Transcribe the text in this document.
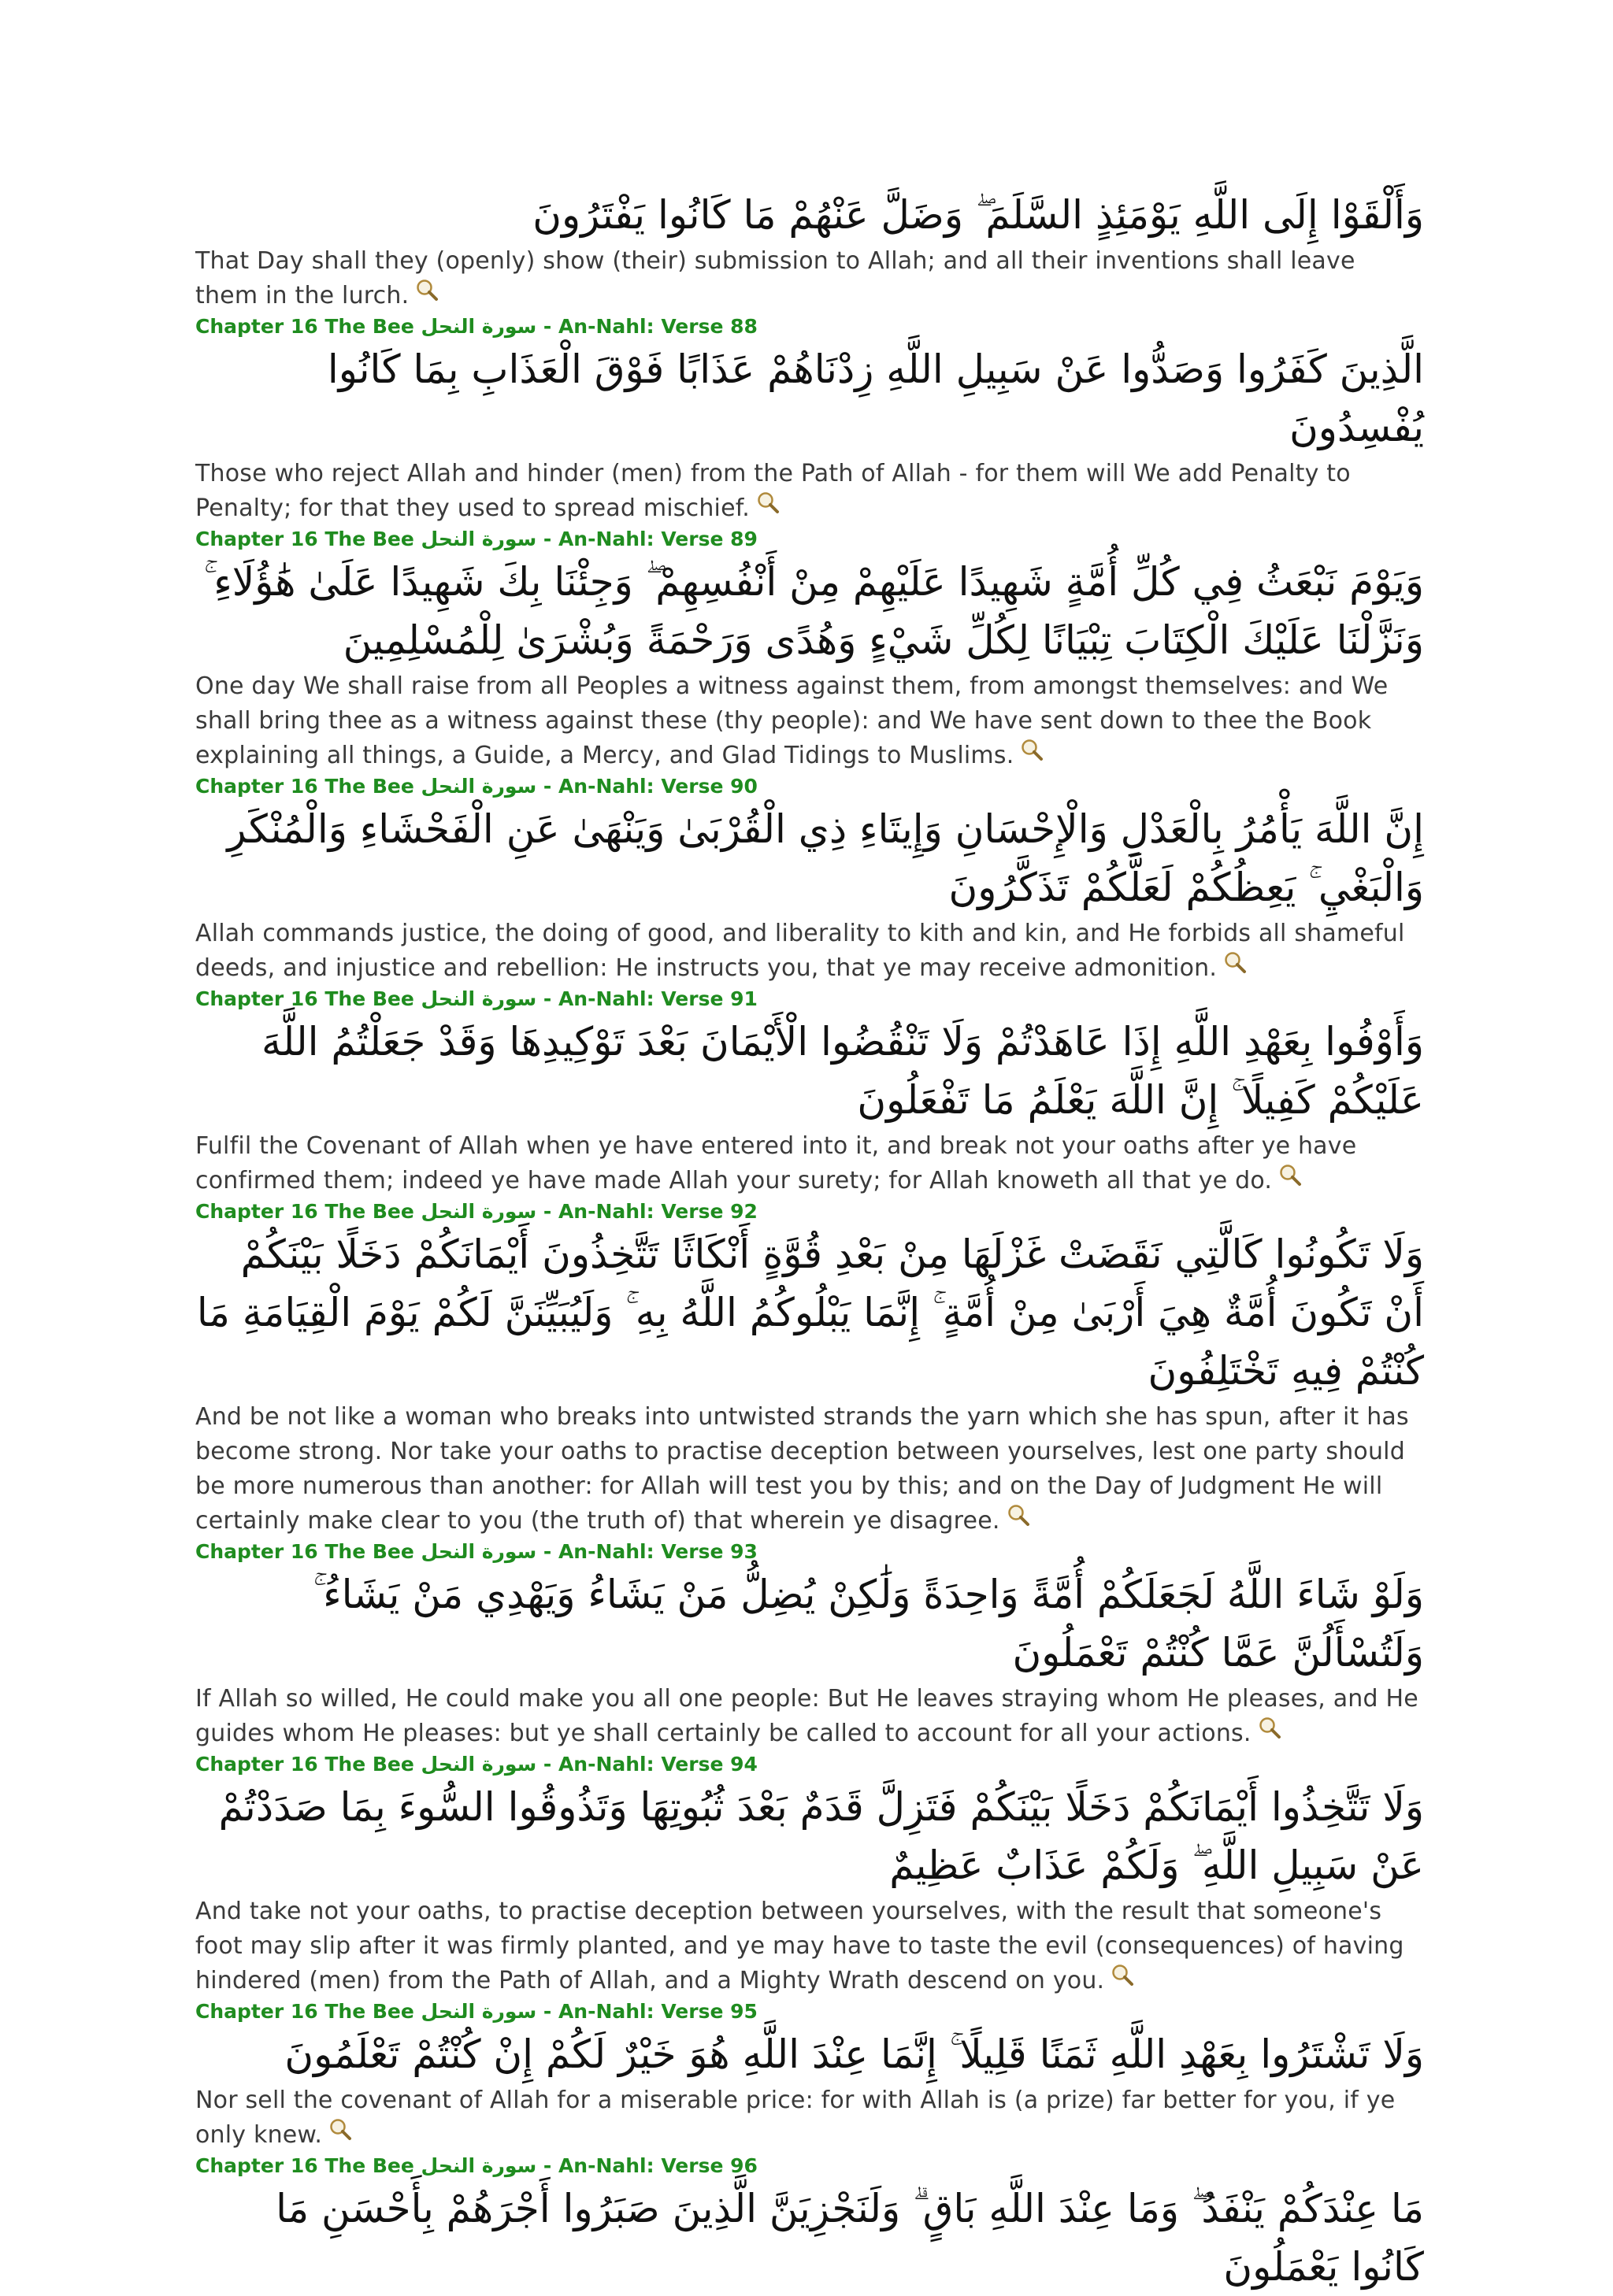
وَأَلْقَوْا إِلَى اللَّهِ يَوْمَئِذٍ السَّلَمَ ۖ وَضَلَّ عَنْهُمْ مَا كَانُوا يَفْتَرُونَ

That Day shall they (openly) show (their) submission to Allah; and all their inventions shall leave them in the lurch.

Chapter 16 The Bee سورة النحل - An-Nahl: Verse 88

الَّذِينَ كَفَرُوا وَصَدُّوا عَنْ سَبِيلِ اللَّهِ زِدْنَاهُمْ عَذَابًا فَوْقَ الْعَذَابِ بِمَا كَانُوا يُفْسِدُونَ

Those who reject Allah and hinder (men) from the Path of Allah - for them will We add Penalty to Penalty; for that they used to spread mischief.

Chapter 16 The Bee سورة النحل - An-Nahl: Verse 89

وَيَوْمَ نَبْعَثُ فِي كُلِّ أُمَّةٍ شَهِيدًا عَلَيْهِمْ مِنْ أَنْفُسِهِمْ ۖ وَجِئْنَا بِكَ شَهِيدًا عَلَىٰ هَٰؤُلَاءِ ۚ وَنَزَّلْنَا عَلَيْكَ الْكِتَابَ تِبْيَانًا لِكُلِّ شَيْءٍ وَهُدًى وَرَحْمَةً وَبُشْرَىٰ لِلْمُسْلِمِينَ

One day We shall raise from all Peoples a witness against them, from amongst themselves: and We shall bring thee as a witness against these (thy people): and We have sent down to thee the Book explaining all things, a Guide, a Mercy, and Glad Tidings to Muslims.

Chapter 16 The Bee سورة النحل - An-Nahl: Verse 90

إِنَّ اللَّهَ يَأْمُرُ بِالْعَدْلِ وَالْإِحْسَانِ وَإِيتَاءِ ذِي الْقُرْبَىٰ وَيَنْهَىٰ عَنِ الْفَحْشَاءِ وَالْمُنْكَرِ وَالْبَغْيِ ۚ يَعِظُكُمْ لَعَلَّكُمْ تَذَكَّرُونَ

Allah commands justice, the doing of good, and liberality to kith and kin, and He forbids all shameful deeds, and injustice and rebellion: He instructs you, that ye may receive admonition.

Chapter 16 The Bee سورة النحل - An-Nahl: Verse 91

وَأَوْفُوا بِعَهْدِ اللَّهِ إِذَا عَاهَدْتُمْ وَلَا تَنْقُضُوا الْأَيْمَانَ بَعْدَ تَوْكِيدِهَا وَقَدْ جَعَلْتُمُ اللَّهَ عَلَيْكُمْ كَفِيلًا ۚ إِنَّ اللَّهَ يَعْلَمُ مَا تَفْعَلُونَ

Fulfil the Covenant of Allah when ye have entered into it, and break not your oaths after ye have confirmed them; indeed ye have made Allah your surety; for Allah knoweth all that ye do.

Chapter 16 The Bee سورة النحل - An-Nahl: Verse 92

وَلَا تَكُونُوا كَالَّتِي نَقَضَتْ غَزْلَهَا مِنْ بَعْدِ قُوَّةٍ أَنْكَاثًا تَتَّخِذُونَ أَيْمَانَكُمْ دَخَلًا بَيْنَكُمْ أَنْ تَكُونَ أُمَّةٌ هِيَ أَرْبَىٰ مِنْ أُمَّةٍ ۚ إِنَّمَا يَبْلُوكُمُ اللَّهُ بِهِ ۚ وَلَيُبَيِّنَنَّ لَكُمْ يَوْمَ الْقِيَامَةِ مَا كُنْتُمْ فِيهِ تَخْتَلِفُونَ

And be not like a woman who breaks into untwisted strands the yarn which she has spun, after it has become strong. Nor take your oaths to practise deception between yourselves, lest one party should be more numerous than another: for Allah will test you by this; and on the Day of Judgment He will certainly make clear to you (the truth of) that wherein ye disagree.

Chapter 16 The Bee سورة النحل - An-Nahl: Verse 93

وَلَوْ شَاءَ اللَّهُ لَجَعَلَكُمْ أُمَّةً وَاحِدَةً وَلَٰكِنْ يُضِلُّ مَنْ يَشَاءُ وَيَهْدِي مَنْ يَشَاءُ ۚ وَلَتُسْأَلُنَّ عَمَّا كُنْتُمْ تَعْمَلُونَ

If Allah so willed, He could make you all one people: But He leaves straying whom He pleases, and He guides whom He pleases: but ye shall certainly be called to account for all your actions.

Chapter 16 The Bee سورة النحل - An-Nahl: Verse 94

وَلَا تَتَّخِذُوا أَيْمَانَكُمْ دَخَلًا بَيْنَكُمْ فَتَزِلَّ قَدَمٌ بَعْدَ ثُبُوتِهَا وَتَذُوقُوا السُّوءَ بِمَا صَدَدْتُمْ عَنْ سَبِيلِ اللَّهِ ۖ وَلَكُمْ عَذَابٌ عَظِيمٌ

And take not your oaths, to practise deception between yourselves, with the result that someone's foot may slip after it was firmly planted, and ye may have to taste the evil (consequences) of having hindered (men) from the Path of Allah, and a Mighty Wrath descend on you.

Chapter 16 The Bee سورة النحل - An-Nahl: Verse 95

وَلَا تَشْتَرُوا بِعَهْدِ اللَّهِ ثَمَنًا قَلِيلًا ۚ إِنَّمَا عِنْدَ اللَّهِ هُوَ خَيْرٌ لَكُمْ إِنْ كُنْتُمْ تَعْلَمُونَ

Nor sell the covenant of Allah for a miserable price: for with Allah is (a prize) far better for you, if ye only knew.

Chapter 16 The Bee سورة النحل - An-Nahl: Verse 96

مَا عِنْدَكُمْ يَنْفَدُ ۖ وَمَا عِنْدَ اللَّهِ بَاقٍ ۗ وَلَنَجْزِيَنَّ الَّذِينَ صَبَرُوا أَجْرَهُمْ بِأَحْسَنِ مَا كَانُوا يَعْمَلُونَ
